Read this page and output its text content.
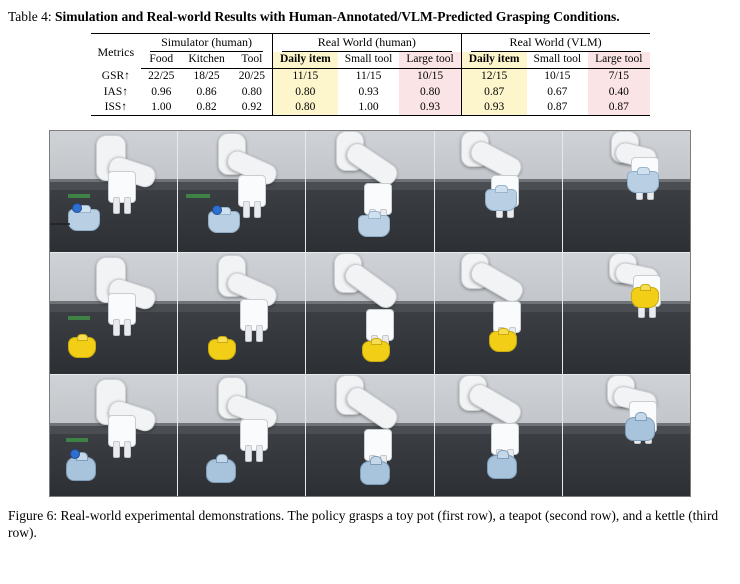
Table 4: Simulation and Real-world Results with Human-Annotated/VLM-Predicted Grasping Conditions.
Metrics	Simulator (human)			Real World (human)			Real World (VLM)		

	Food	Kitchen	Tool	Daily item	Small tool	Large tool	Daily item	Small tool	Large tool
GSR↑	22/25	18/25	20/25	11/15	11/15	10/15	12/15	10/15	7/15
IAS↑	0.96	0.86	0.80	0.80	0.93	0.80	0.87	0.67	0.40
ISS↑	1.00	0.82	0.92	0.80	1.00	0.93	0.93	0.87	0.87
Figure 6: Real-world experimental demonstrations. The policy grasps a toy pot (first row), a teapot (second row), and a kettle (third row).
